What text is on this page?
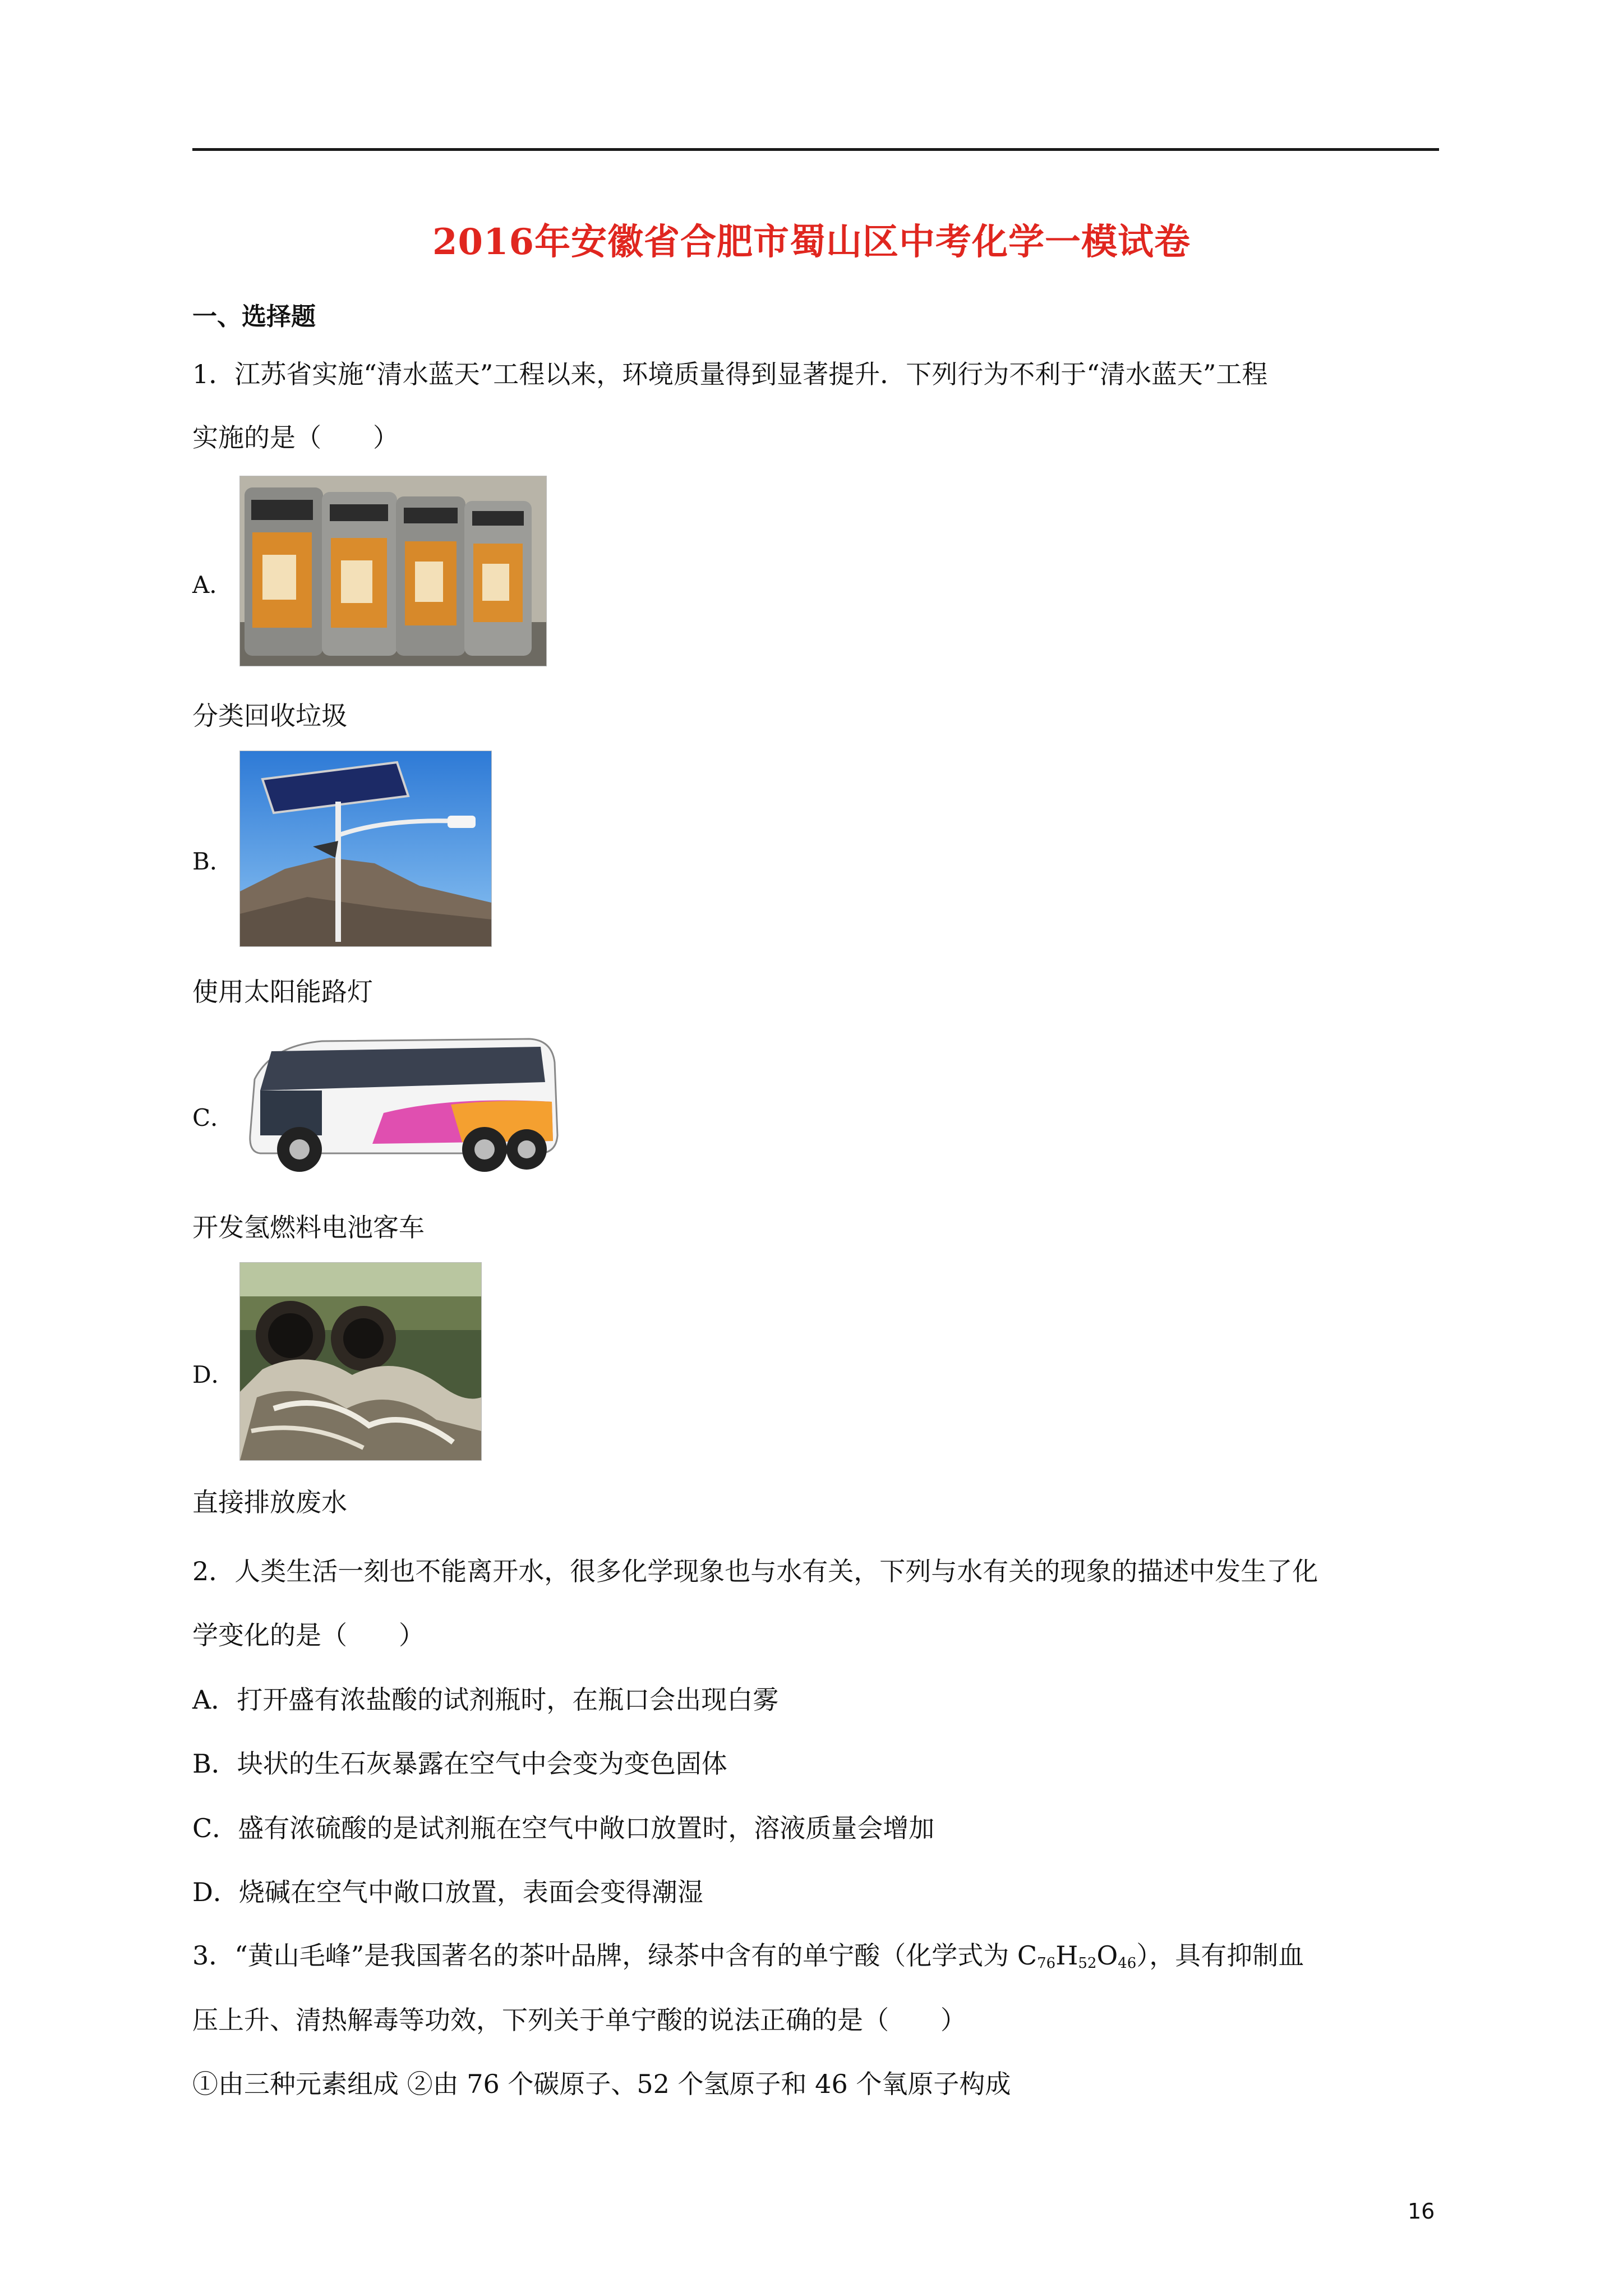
2016年安徽省合肥市蜀山区中考化学一模试卷
一、选择题
1．江苏省实施“清水蓝天”工程以来，环境质量得到显著提升．下列行为不利于“清水蓝天”工程
实施的是（　　）
A．
分类回收垃圾
B．
使用太阳能路灯
C．
开发氢燃料电池客车
D．
直接排放废水
2．人类生活一刻也不能离开水，很多化学现象也与水有关，下列与水有关的现象的描述中发生了化
学变化的是（　　）
A．打开盛有浓盐酸的试剂瓶时，在瓶口会出现白雾
B．块状的生石灰暴露在空气中会变为变色固体
C．盛有浓硫酸的是试剂瓶在空气中敞口放置时，溶液质量会增加
D．烧碱在空气中敞口放置，表面会变得潮湿
3．“黄山毛峰”是我国著名的茶叶品牌，绿茶中含有的单宁酸（化学式为 $C_{76}H_{52}O_{46}$），具有抑制血
压上升、清热解毒等功效，下列关于单宁酸的说法正确的是（　　）
①由三种元素组成 ②由 76 个碳原子、52 个氢原子和 46 个氧原子构成
16
